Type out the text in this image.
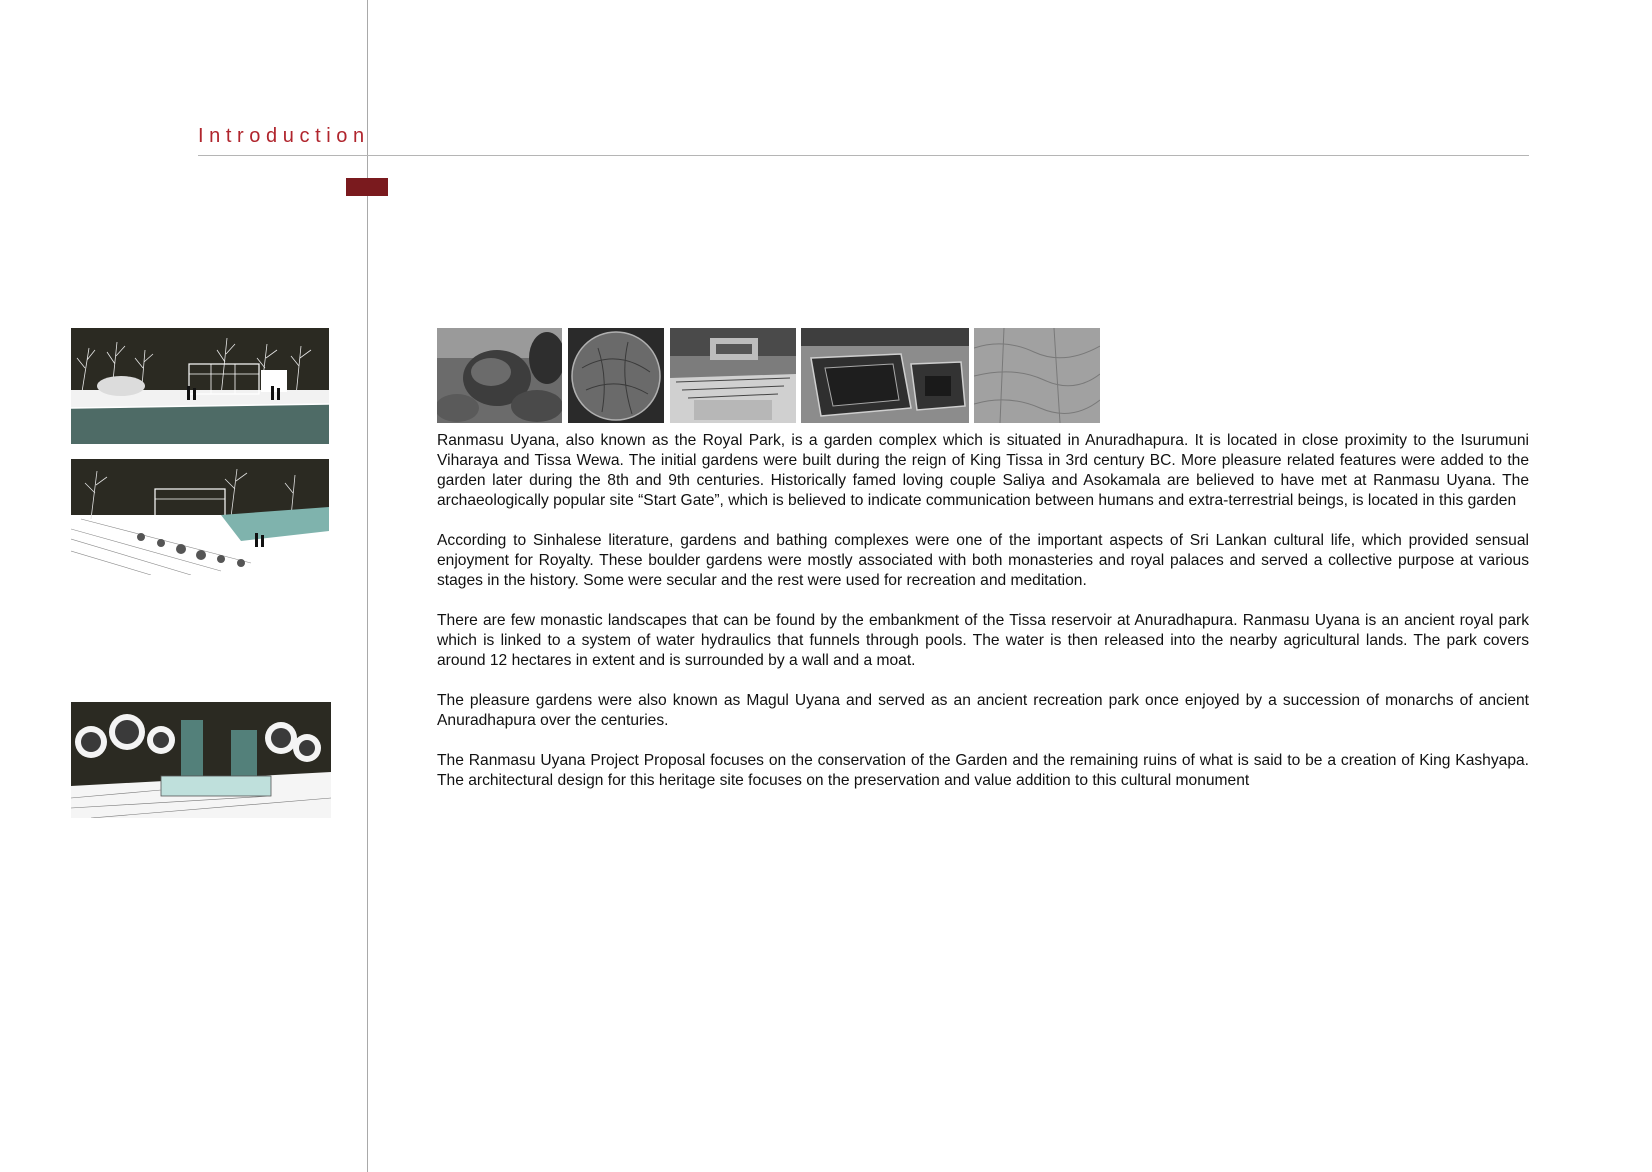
Introduction

Ranmasu Uyana, also known as the Royal Park, is a garden complex which is situated in Anuradhapura. It is located in close proximity to the Isurumuni Viharaya and Tissa Wewa. The initial gardens were built during the reign of King Tissa in 3rd century BC. More pleasure related features were added to the garden later during the 8th and 9th centuries. Historically famed loving couple Saliya and Asokamala are believed to have met at Ranmasu Uyana. The archaeologically popular site “Start Gate”, which is believed to indicate communication between humans and extra-terrestrial beings, is located in this garden

According to Sinhalese literature, gardens and bathing complexes were one of the important aspects of Sri Lankan cultural life, which provided sensual enjoyment for Royalty. These boulder gardens were mostly associated with both monasteries and royal palaces and served a collective purpose at various stages in the history. Some were secular and the rest were used for recreation and meditation.

There are few monastic landscapes that can be found by the embankment of the Tissa reservoir at Anuradhapura. Ranmasu Uyana is an ancient royal park which is linked to a system of water hydraulics that funnels through pools. The water is then released into the nearby agricultural lands. The park covers around 12 hectares in extent and is surrounded by a wall and a moat.

The pleasure gardens were also known as Magul Uyana and served as an ancient recreation park once enjoyed by a succession of monarchs of ancient Anuradhapura over the centuries.

The Ranmasu Uyana Project Proposal focuses on the conservation of the Garden and the remaining ruins of what is said to be a creation of King Kashyapa. The architectural design for this heritage site focuses on the preservation and value addition to this cultural monument
